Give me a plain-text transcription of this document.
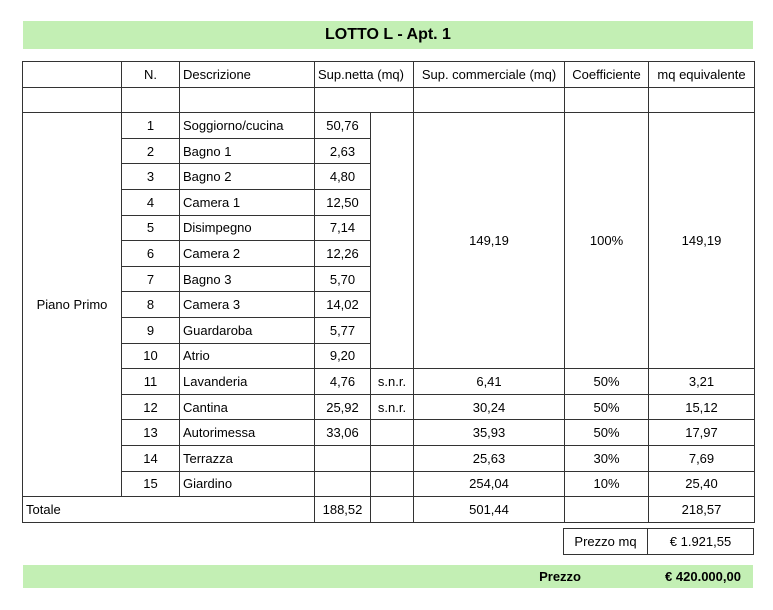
LOTTO L - Apt. 1
	N.	Descrizione	Sup.netta (mq)		Sup. commerciale (mq)	Coefficiente	mq equivalente

Piano Primo	1	Soggiorno/cucina	50,76		149,19	100%	149,19
	2	Bagno 1	2,63				
	3	Bagno 2	4,80				
	4	Camera 1	12,50				
	5	Disimpegno	7,14				
	6	Camera 2	12,26				
	7	Bagno 3	5,70				
	8	Camera 3	14,02				
	9	Guardaroba	5,77				
	10	Atrio	9,20				
	11	Lavanderia	4,76	s.n.r.	6,41	50%	3,21
	12	Cantina	25,92	s.n.r.	30,24	50%	15,12
	13	Autorimessa	33,06		35,93	50%	17,97
	14	Terrazza			25,63	30%	7,69
	15	Giardino			254,04	10%	25,40
Totale			188,52		501,44		218,57
Prezzo mq	€ 1.921,55
Prezzo	€ 420.000,00
